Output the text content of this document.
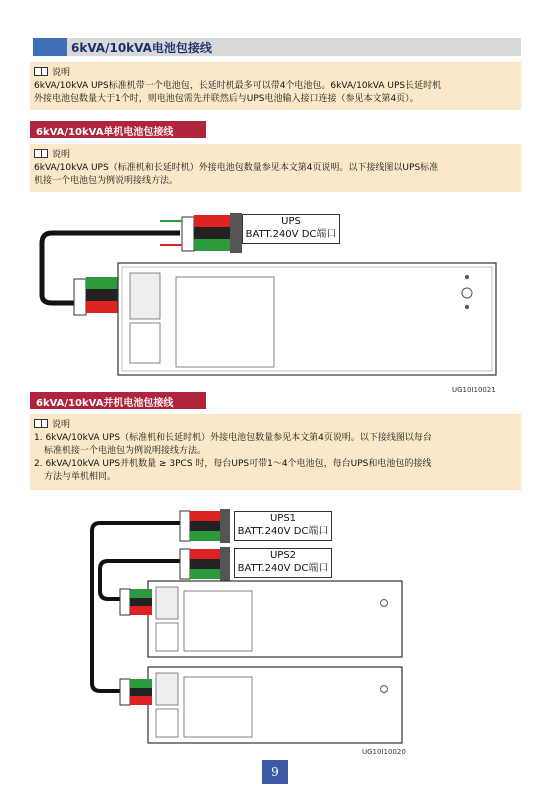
6kVA/10kVA电池包接线
说明
6kVA/10kVA UPS标准机带一个电池包，长延时机最多可以带4个电池包。6kVA/10kVA UPS长延时机
外接电池包数量大于1个时，则电池包需先并联然后与UPS电池输入接口连接（参见本文第4页）。
6kVA/10kVA单机电池包接线
说明
6kVA/10kVA UPS（标准机和长延时机）外接电池包数量参见本文第4页说明。以下接线图以UPS标准
机接一个电池包为例说明接线方法。
UPS
BATT.240V DC端口
UG10I10021
6kVA/10kVA并机电池包接线
说明
1. 6kVA/10kVA UPS（标准机和长延时机）外接电池包数量参见本文第4页说明。以下接线图以每台
标准机接一个电池包为例说明接线方法。
2. 6kVA/10kVA UPS并机数量 ≥ 3PCS 时，每台UPS可带1～4个电池包，每台UPS和电池包的接线
方法与单机相同。
UPS1
BATT.240V DC端口
UPS2
BATT.240V DC端口
UG10I10020
9
